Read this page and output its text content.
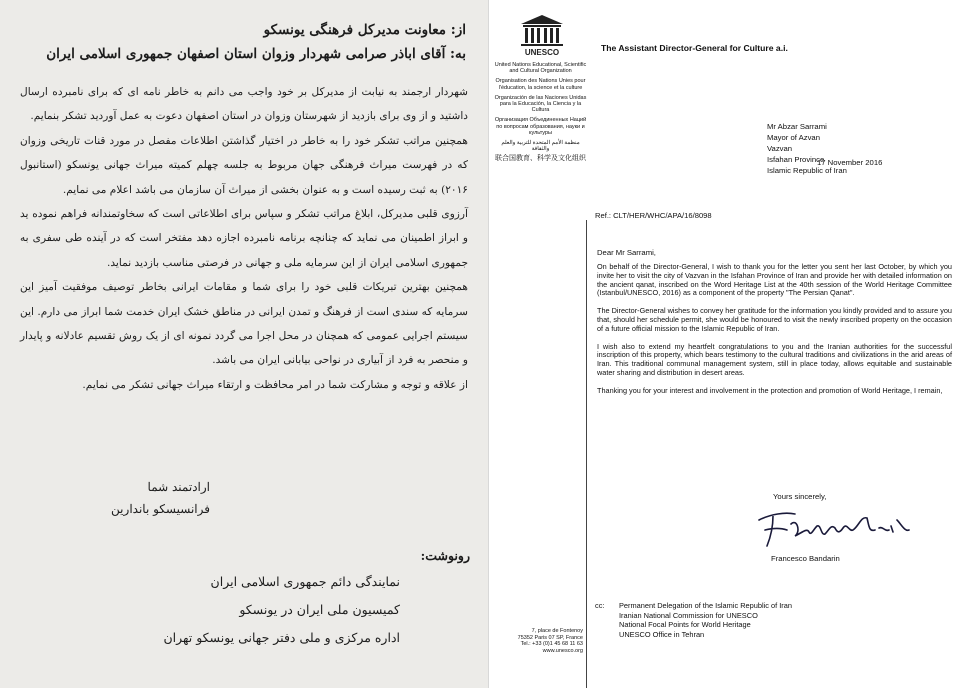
از: معاونت مدیرکل فرهنگی یونسکو
به: آقای اباذر صرامی شهردار وزوان استان اصفهان جمهوری اسلامی ایران

شهردار ارجمند به نیابت از مدیرکل بر خود واجب می دانم به خاطر نامه ای که برای نامبرده ارسال داشتید و از وی برای بازدید از شهرستان وزوان در استان اصفهان دعوت به عمل آوردید تشکر بنمایم.

همچنین مراتب تشکر خود را به خاطر در اختیار گذاشتن اطلاعات مفصل در مورد قنات تاریخی وزوان که در فهرست میراث فرهنگی جهان مربوط به جلسه چهلم کمیته میراث جهانی یونسکو (استانبول ۲۰۱۶) به ثبت رسیده است و به عنوان بخشی از میراث آن سازمان می باشد اعلام می نمایم.

آرزوی قلبی مدیرکل، ابلاغ مراتب تشکر و سپاس برای اطلاعاتی است که سخاوتمندانه فراهم نموده ید و ابراز اطمینان می نماید که چنانچه برنامه نامبرده اجازه دهد مفتخر است که در آینده طی سفری به جمهوری اسلامی ایران از این سرمایه ملی و جهانی در فرصتی مناسب بازدید نماید.

همچنین بهترین تبریکات قلبی خود را برای شما و مقامات ایرانی بخاطر توصیف موفقیت آمیز این سرمایه که سندی است از فرهنگ و تمدن ایرانی در مناطق خشک ایران خدمت شما ابراز می دارم. این سیستم اجرایی عمومی که همچنان در محل اجرا می گردد نمونه ای از یک روش تقسیم عادلانه و پایدار و منحصر به فرد از آبیاری در نواحی بیابانی ایران می باشد.

از علاقه و توجه و مشارکت شما در امر محافظت و ارتقاء میراث جهانی تشکر می نمایم.

ارادتمند شما
فرانسیسکو باندارین
رونوشت:
نمایندگی دائم جمهوری اسلامی ایران
کمیسیون ملی ایران در یونسکو
اداره مرکزی و ملی دفتر جهانی یونسکو تهران
UNESCO	The Assistant Director-General for Culture a.i.
United Nations Educational, Scientific and Cultural Organization
Organisation des Nations Unies pour l'éducation, la science et la culture
Organización de las Naciones Unidas para la Educación, la Ciencia y la Cultura
Организация Объединенных Наций по вопросам образования, науки и культуры
منظمة الأمم المتحدة للتربية والعلم والثقافة
联合国教育、科学及文化组织
Mr Abzar Sarrami
Mayor of Azvan
Vazvan
Isfahan Province
Islamic Republic of Iran
17 November 2016
Ref.: CLT/HER/WHC/APA/16/8098
Dear Mr Sarrami,

On behalf of the Director-General, I wish to thank you for the letter you sent her last October, by which you invite her to visit the city of Vazvan in the Isfahan Province of Iran and provide her with detailed information on the ancient qanat, inscribed on the Word Heritage List at the 40th session of the World Heritage Committee (Istanbul/UNESCO, 2016) as a component of the property "The Persian Qanat".

The Director-General wishes to convey her gratitude for the information you kindly provided and to assure you that, should her schedule permit, she would be honoured to visit the newly inscribed property on the occasion of a future official mission to the Islamic Republic of Iran.

I wish also to extend my heartfelt congratulations to you and the Iranian authorities for the successful inscription of this property, which bears testimony to the cultural traditions and civilizations in the arid areas of Iran. This traditional communal management system, still in place today, allows equitable and sustainable water sharing and distribution in desert areas.

Thanking you for your interest and involvement in the protection and promotion of World Heritage, I remain,

Yours sincerely,
Francesco Bandarin
cc: Permanent Delegation of the Islamic Republic of Iran
Iranian National Commission for UNESCO
National Focal Points for World Heritage
UNESCO Office in Tehran
7, place de Fontenoy
75352 Paris 07 SP, France
Tel.: +33 (0)1 45 68 11 63
www.unesco.org
